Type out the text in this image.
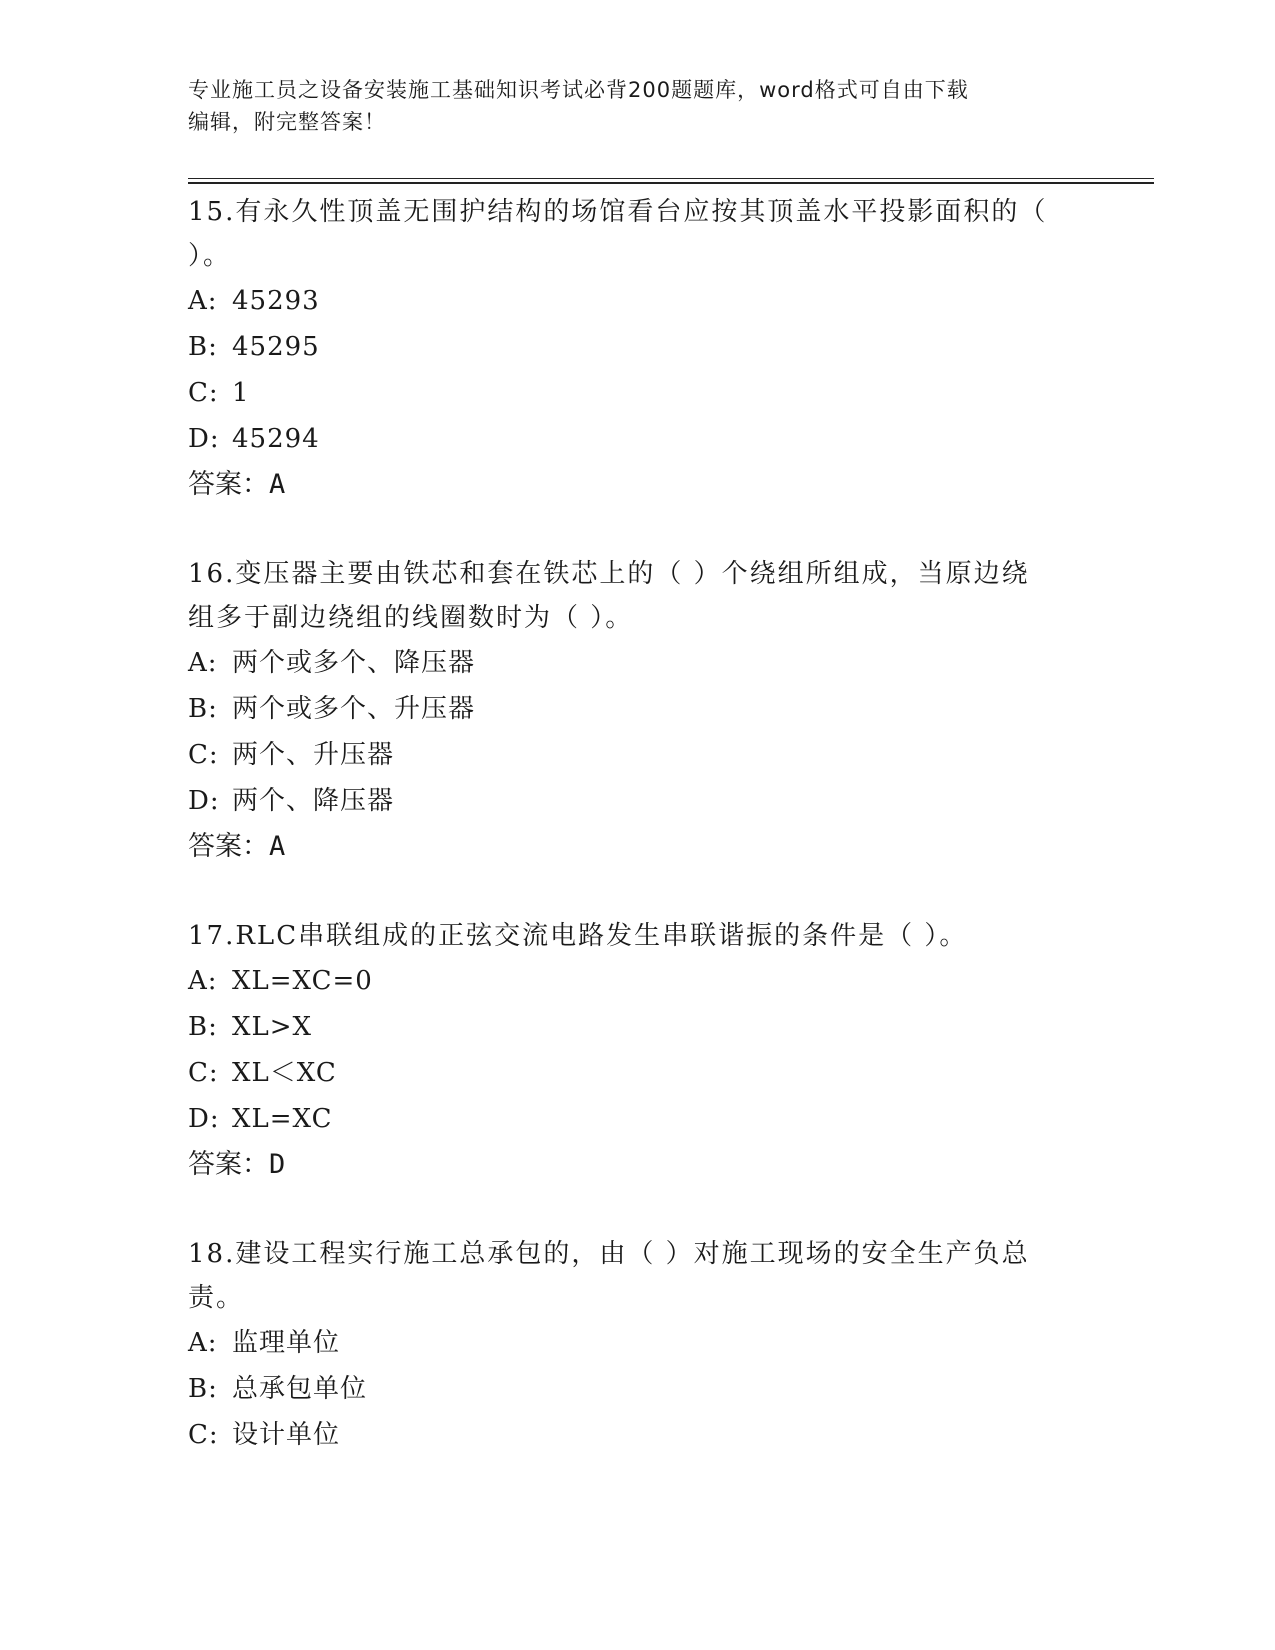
专业施工员之设备安装施工基础知识考试必背200题题库，word格式可自由下载
编辑，附完整答案！
15.有永久性顶盖无围护结构的场馆看台应按其顶盖水平投影面积的（
）。
A: 45293
B: 45295
C: 1
D: 45294
答案：A
16.变压器主要由铁芯和套在铁芯上的（ ）个绕组所组成，当原边绕
组多于副边绕组的线圈数时为（ ）。
A: 两个或多个、降压器
B: 两个或多个、升压器
C: 两个、升压器
D: 两个、降压器
答案：A
17.RLC串联组成的正弦交流电路发生串联谐振的条件是（ ）。
A: XL=XC=0
B: XL>X
C: XL＜XC
D: XL=XC
答案：D
18.建设工程实行施工总承包的，由（ ）对施工现场的安全生产负总
责。
A: 监理单位
B: 总承包单位
C: 设计单位
